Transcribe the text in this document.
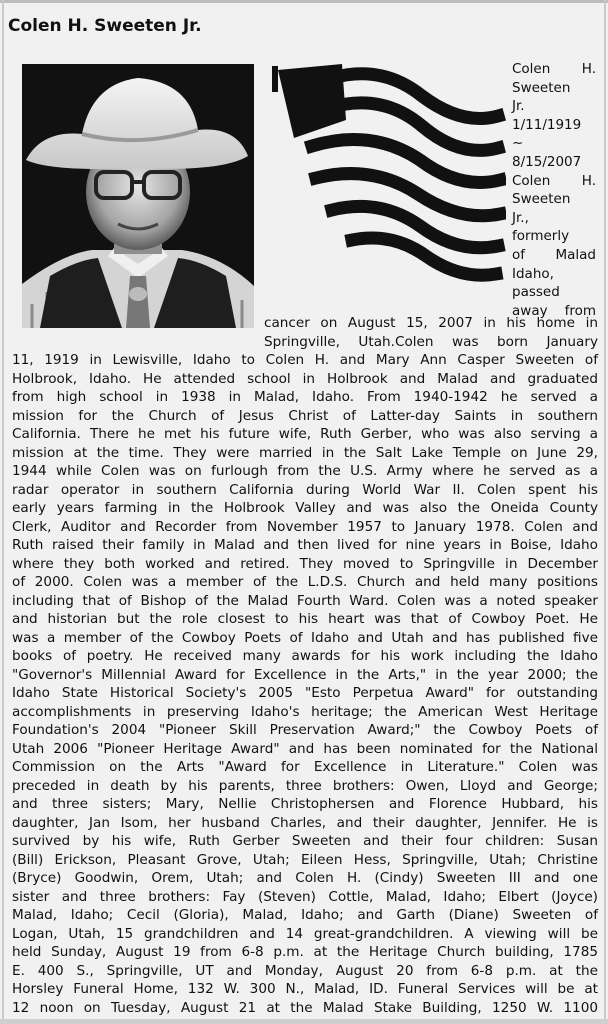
Colen H. Sweeten Jr.
Colen H.
Sweeten
Jr.
1/11/1919
~
8/15/2007
Colen H.
Sweeten
Jr.,
formerly
of Malad
Idaho,
passed
away from
cancer on August 15, 2007 in his home in
Springville, Utah.Colen was born January
11, 1919 in Lewisville, Idaho to Colen H. and Mary Ann Casper Sweeten of
Holbrook, Idaho. He attended school in Holbrook and Malad and graduated
from high school in 1938 in Malad, Idaho. From 1940-1942 he served a
mission for the Church of Jesus Christ of Latter-day Saints in southern
California. There he met his future wife, Ruth Gerber, who was also serving a
mission at the time. They were married in the Salt Lake Temple on June 29,
1944 while Colen was on furlough from the U.S. Army where he served as a
radar operator in southern California during World War II. Colen spent his
early years farming in the Holbrook Valley and was also the Oneida County
Clerk, Auditor and Recorder from November 1957 to January 1978. Colen and
Ruth raised their family in Malad and then lived for nine years in Boise, Idaho
where they both worked and retired. They moved to Springville in December
of 2000. Colen was a member of the L.D.S. Church and held many positions
including that of Bishop of the Malad Fourth Ward. Colen was a noted speaker
and historian but the role closest to his heart was that of Cowboy Poet. He
was a member of the Cowboy Poets of Idaho and Utah and has published five
books of poetry. He received many awards for his work including the Idaho
"Governor's Millennial Award for Excellence in the Arts," in the year 2000; the
Idaho State Historical Society's 2005 "Esto Perpetua Award" for outstanding
accomplishments in preserving Idaho's heritage; the American West Heritage
Foundation's 2004 "Pioneer Skill Preservation Award;" the Cowboy Poets of
Utah 2006 "Pioneer Heritage Award" and has been nominated for the National
Commission on the Arts "Award for Excellence in Literature." Colen was
preceded in death by his parents, three brothers: Owen, Lloyd and George;
and three sisters; Mary, Nellie Christophersen and Florence Hubbard, his
daughter, Jan Isom, her husband Charles, and their daughter, Jennifer. He is
survived by his wife, Ruth Gerber Sweeten and their four children: Susan
(Bill) Erickson, Pleasant Grove, Utah; Eileen Hess, Springville, Utah; Christine
(Bryce) Goodwin, Orem, Utah; and Colen H. (Cindy) Sweeten III and one
sister and three brothers: Fay (Steven) Cottle, Malad, Idaho; Elbert (Joyce)
Malad, Idaho; Cecil (Gloria), Malad, Idaho; and Garth (Diane) Sweeten of
Logan, Utah, 15 grandchildren and 14 great-grandchildren. A viewing will be
held Sunday, August 19 from 6-8 p.m. at the Heritage Church building, 1785
E. 400 S., Springville, UT and Monday, August 20 from 6-8 p.m. at the
Horsley Funeral Home, 132 W. 300 N., Malad, ID. Funeral Services will be at
12 noon on Tuesday, August 21 at the Malad Stake Building, 1250 W. 1100
